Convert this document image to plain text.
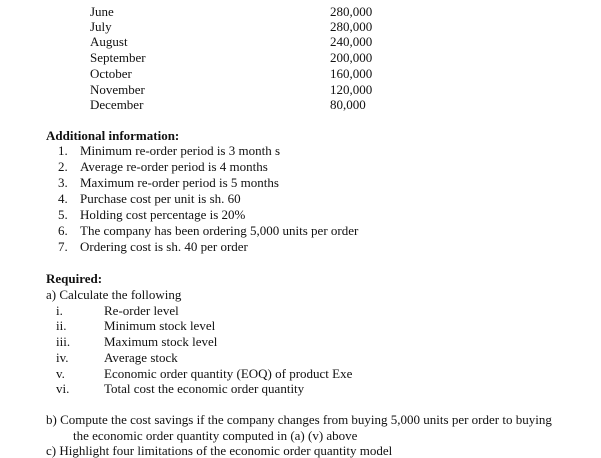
June	280,000
July	280,000
August	240,000
September	200,000
October	160,000
November	120,000
December	80,000
Additional information:
1. Minimum re-order period is 3 month s
2. Average re-order period is 4 months
3. Maximum re-order period is 5 months
4. Purchase cost per unit is sh. 60
5. Holding cost percentage is 20%
6. The company has been ordering 5,000 units per order
7. Ordering cost is sh. 40 per order
Required:
a) Calculate the following
i.	Re-order level
ii.	Minimum stock level
iii.	Maximum stock level
iv.	Average stock
v.	Economic order quantity (EOQ) of product Exe
vi.	Total cost the economic order quantity
b) Compute the cost savings if the company changes from buying 5,000 units per order to buying
the economic order quantity computed in (a) (v) above
c) Highlight four limitations of the economic order quantity model
